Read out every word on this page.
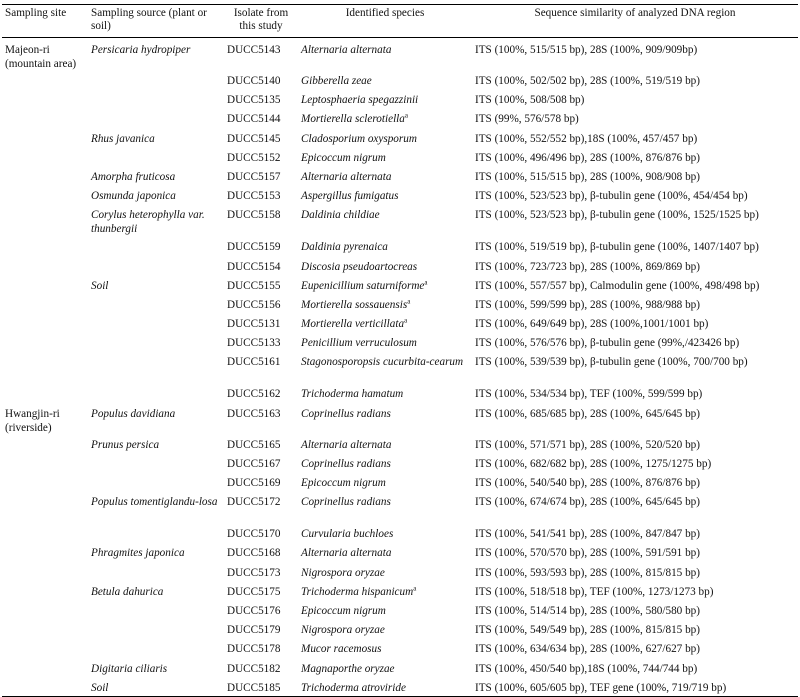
Sampling site	Sampling source (plant or soil)	Isolate from this study	Identified species	Sequence similarity of analyzed DNA region
Majeon-ri (mountain area)	Persicaria hydropiper	DUCC5143	Alternaria alternata	ITS (100%, 515/515 bp), 28S (100%, 909/909bp)
		DUCC5140	Gibberella zeae	ITS (100%, 502/502 bp), 28S (100%, 519/519 bp)
		DUCC5135	Leptosphaeria spegazzinii	ITS (100%, 508/508 bp)
		DUCC5144	Mortierella sclerotiella$^a$	ITS (99%, 576/578 bp)
	Rhus javanica	DUCC5145	Cladosporium oxysporum	ITS (100%, 552/552 bp),18S (100%, 457/457 bp)
		DUCC5152	Epicoccum nigrum	ITS (100%, 496/496 bp), 28S (100%, 876/876 bp)
	Amorpha fruticosa	DUCC5157	Alternaria alternata	ITS (100%, 515/515 bp), 28S (100%, 908/908 bp)
	Osmunda japonica	DUCC5153	Aspergillus fumigatus	ITS (100%, 523/523 bp), β-tubulin gene (100%, 454/454 bp)
	Corylus heterophylla var. thunbergii	DUCC5158	Daldinia childiae	ITS (100%, 523/523 bp), β-tubulin gene (100%, 1525/1525 bp)
		DUCC5159	Daldinia pyrenaica	ITS (100%, 519/519 bp), β-tubulin gene (100%, 1407/1407 bp)
		DUCC5154	Discosia pseudoartocreas	ITS (100%, 723/723 bp), 28S (100%, 869/869 bp)
	Soil	DUCC5155	Eupenicillium saturniforme$^a$	ITS (100%, 557/557 bp), Calmodulin gene (100%, 498/498 bp)
		DUCC5156	Mortierella sossauensis$^a$	ITS (100%, 599/599 bp), 28S (100%, 988/988 bp)
		DUCC5131	Mortierella verticillata$^a$	ITS (100%, 649/649 bp), 28S (100%,1001/1001 bp)
		DUCC5133	Penicillium verruculosum	ITS (100%, 576/576 bp), β-tubulin gene (99%,/423426 bp)
		DUCC5161	Stagonosporopsis cucurbita-cearum	ITS (100%, 539/539 bp), β-tubulin gene (100%, 700/700 bp)
		DUCC5162	Trichoderma hamatum	ITS (100%, 534/534 bp), TEF (100%, 599/599 bp)
Hwangjin-ri (riverside)	Populus davidiana	DUCC5163	Coprinellus radians	ITS (100%, 685/685 bp), 28S (100%, 645/645 bp)
	Prunus persica	DUCC5165	Alternaria alternata	ITS (100%, 571/571 bp), 28S (100%, 520/520 bp)
		DUCC5167	Coprinellus radians	ITS (100%, 682/682 bp), 28S (100%, 1275/1275 bp)
		DUCC5169	Epicoccum nigrum	ITS (100%, 540/540 bp), 28S (100%, 876/876 bp)
	Populus tomentiglandu-losa	DUCC5172	Coprinellus radians	ITS (100%, 674/674 bp), 28S (100%, 645/645 bp)
		DUCC5170	Curvularia buchloes	ITS (100%, 541/541 bp), 28S (100%, 847/847 bp)
	Phragmites japonica	DUCC5168	Alternaria alternata	ITS (100%, 570/570 bp), 28S (100%, 591/591 bp)
		DUCC5173	Nigrospora oryzae	ITS (100%, 593/593 bp), 28S (100%, 815/815 bp)
	Betula dahurica	DUCC5175	Trichoderma hispanicum$^a$	ITS (100%, 518/518 bp), TEF (100%, 1273/1273 bp)
		DUCC5176	Epicoccum nigrum	ITS (100%, 514/514 bp), 28S (100%, 580/580 bp)
		DUCC5179	Nigrospora oryzae	ITS (100%, 549/549 bp), 28S (100%, 815/815 bp)
		DUCC5178	Mucor racemosus	ITS (100%, 634/634 bp), 28S (100%, 627/627 bp)
	Digitaria ciliaris	DUCC5182	Magnaporthe oryzae	ITS (100%, 450/540 bp),18S (100%, 744/744 bp)
	Soil	DUCC5185	Trichoderma atroviride	ITS (100%, 605/605 bp), TEF gene (100%, 719/719 bp)
